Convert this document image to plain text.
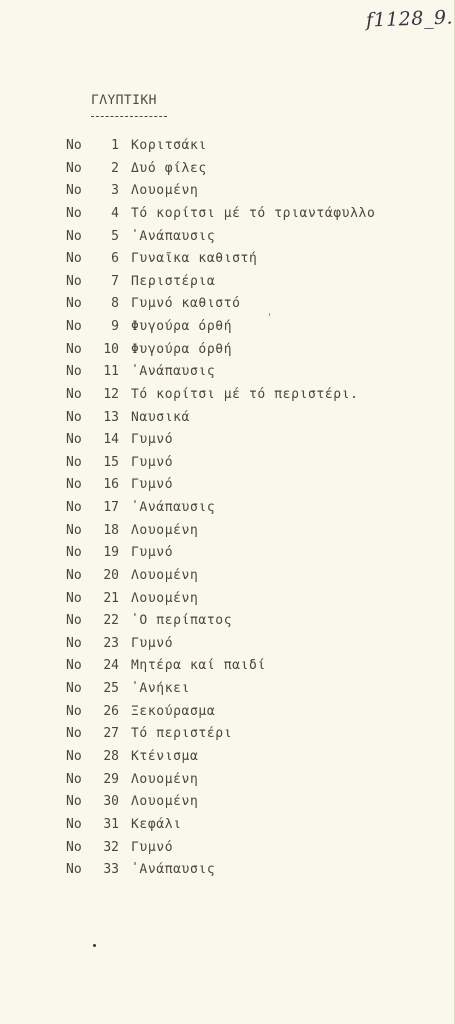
f1128_9.
ΓΛΥΠΤΙΚΗ
No	1 Κοριτσάκι
No	2 Δυό φίλες
No	3 Λουομένη
No	4 Τό κορίτσι μέ τό τριαντάφυλλο
No	5 ᾽Ανάπαυσις
No	6 Γυναῖκα καθιστή
No	7 Περιστέρια
No	8 Γυμνό καθιστό
No	9 Φυγούρα όρθή
No	10 Φυγούρα όρθή
No	11 ᾽Ανάπαυσις
No	12 Τό κορίτσι μέ τό περιστέρι.
No	13 Ναυσικά
No	14 Γυμνό
No	15 Γυμνό
No	16 Γυμνό
No	17 ᾽Ανάπαυσις
No	18 Λουομένη
No	19 Γυμνό
No	20 Λουομένη
No	21 Λουομένη
No	22 ῾Ο περίπατος
No	23 Γυμνό
No	24 Μητέρα καί παιδί
No	25 ᾽Ανήκει
No	26 Ξεκούρασμα
No	27 Τό περιστέρι
No	28 Κτένισμα
No	29 Λουομένη
No	30 Λουομένη
No	31 Κεφάλι
No	32 Γυμνό
No	33 ᾽Ανάπαυσις
